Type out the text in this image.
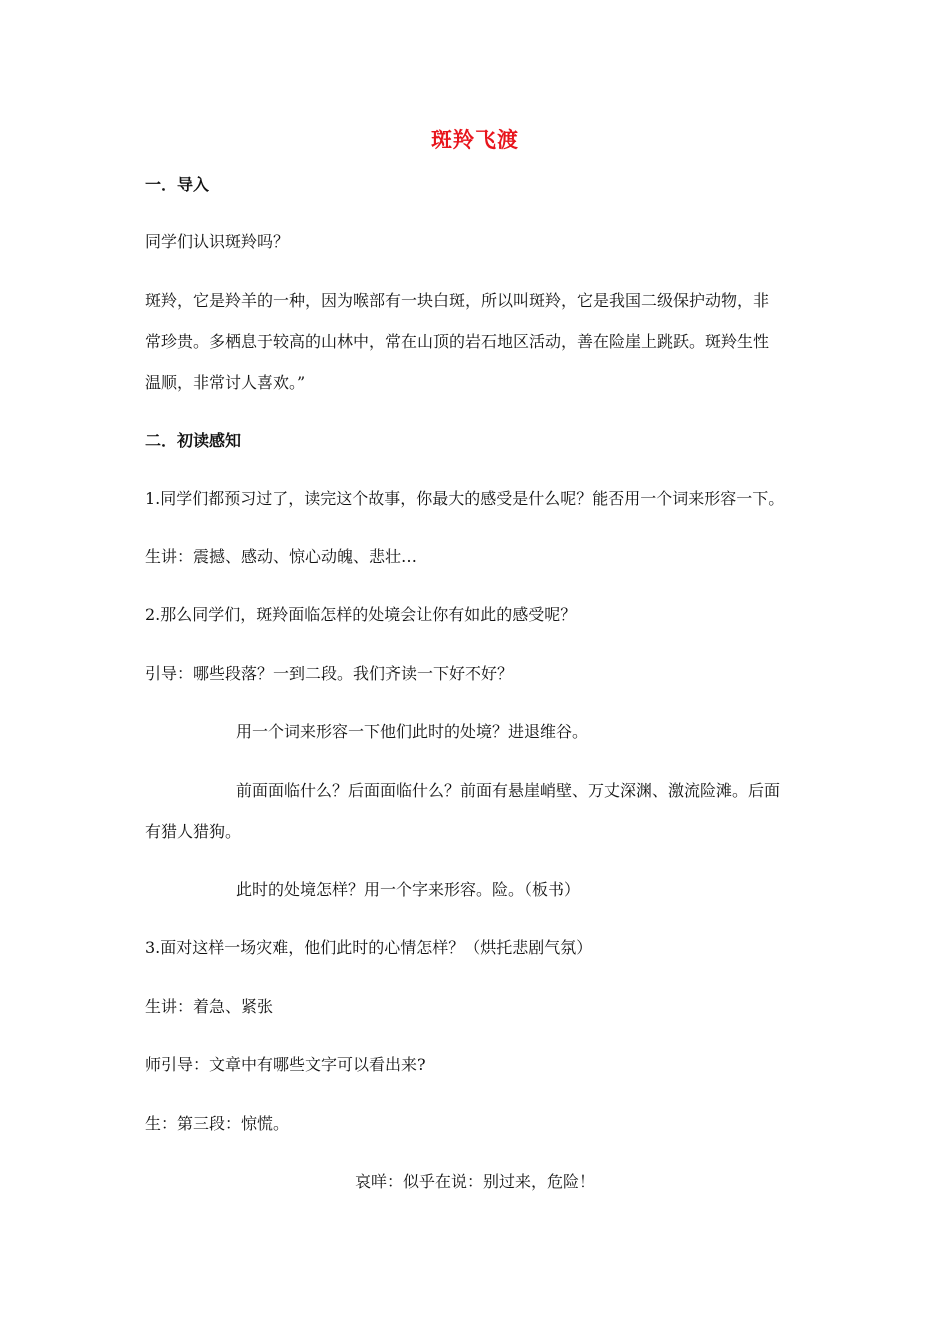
斑羚飞渡
一．导入
同学们认识斑羚吗？
斑羚，它是羚羊的一种，因为喉部有一块白斑，所以叫斑羚，它是我国二级保护动物，非
常珍贵。多栖息于较高的山林中，常在山顶的岩石地区活动，善在险崖上跳跃。斑羚生性
温顺，非常讨人喜欢。”
二．初读感知
1.同学们都预习过了，读完这个故事，你最大的感受是什么呢？能否用一个词来形容一下。
生讲：震撼、感动、惊心动魄、悲壮…
2.那么同学们，斑羚面临怎样的处境会让你有如此的感受呢？
引导：哪些段落？一到二段。我们齐读一下好不好？
用一个词来形容一下他们此时的处境？进退维谷。
前面面临什么？后面面临什么？前面有悬崖峭壁、万丈深渊、激流险滩。后面
有猎人猎狗。
此时的处境怎样？用一个字来形容。险。（板书）
3.面对这样一场灾难，他们此时的心情怎样？（烘托悲剧气氛）
生讲：着急、紧张
师引导：文章中有哪些文字可以看出来?
生：第三段：惊慌。
哀咩：似乎在说：别过来，危险！
